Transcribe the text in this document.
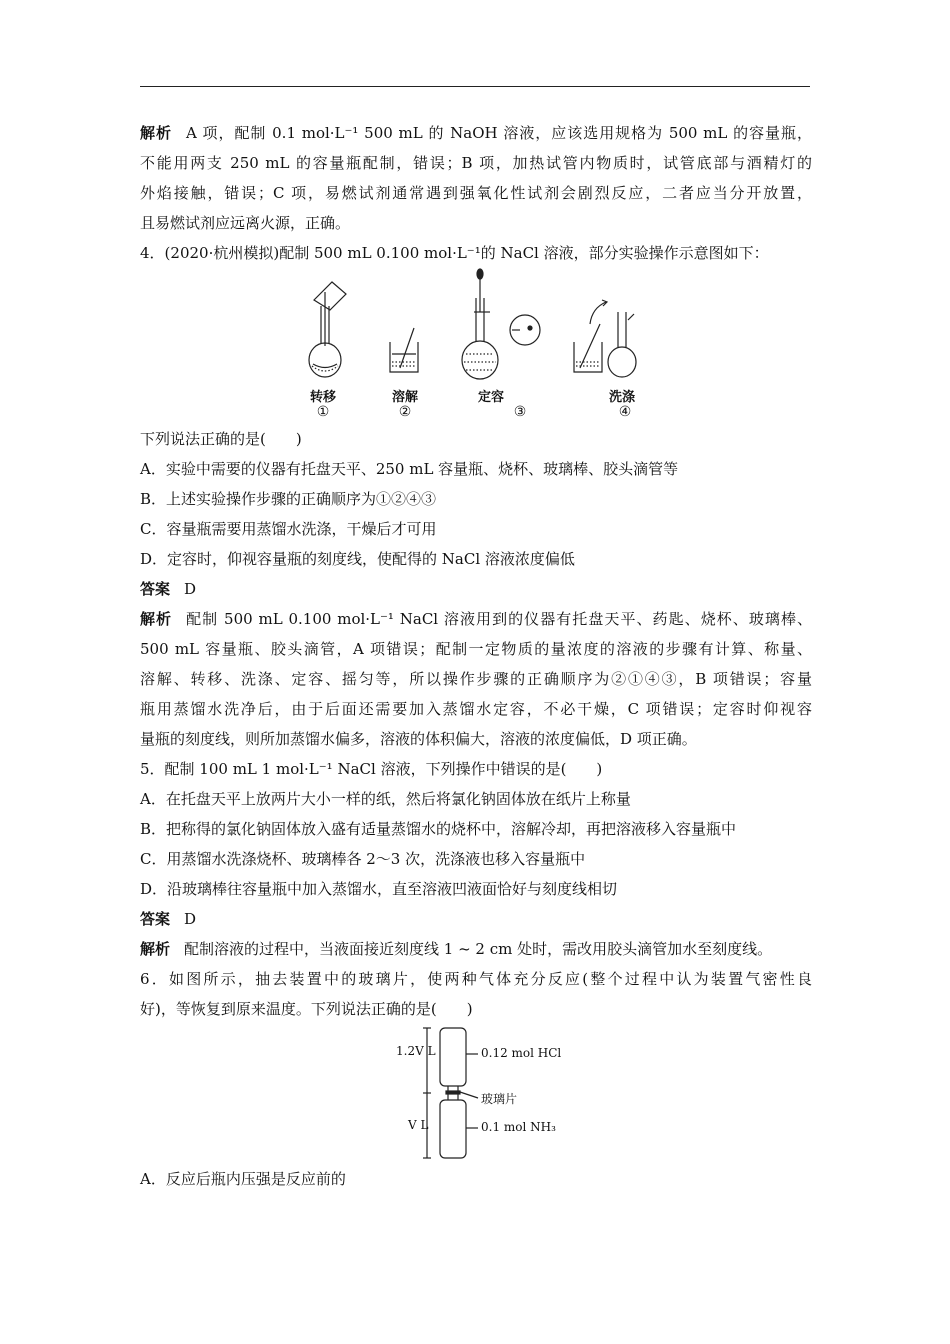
解析 A 项，配制 0.1 mol·L⁻¹ 500 mL 的 NaOH 溶液，应该选用规格为 500 mL 的容量瓶，
不能用两支 250 mL 的容量瓶配制，错误；B 项，加热试管内物质时，试管底部与酒精灯的
外焰接触，错误；C 项，易燃试剂通常遇到强氧化性试剂会剧烈反应，二者应当分开放置，
且易燃试剂应远离火源，正确。
4．(2020·杭州模拟)配制 500 mL 0.100 mol·L⁻¹的 NaCl 溶液，部分实验操作示意图如下：
转移
①
溶解
②
定容
③
洗涤
④
下列说法正确的是(　　)
A．实验中需要的仪器有托盘天平、250 mL 容量瓶、烧杯、玻璃棒、胶头滴管等
B．上述实验操作步骤的正确顺序为①②④③
C．容量瓶需要用蒸馏水洗涤，干燥后才可用
D．定容时，仰视容量瓶的刻度线，使配得的 NaCl 溶液浓度偏低
答案 D
解析 配制 500 mL 0.100 mol·L⁻¹ NaCl 溶液用到的仪器有托盘天平、药匙、烧杯、玻璃棒、
500 mL 容量瓶、胶头滴管，A 项错误；配制一定物质的量浓度的溶液的步骤有计算、称量、
溶解、转移、洗涤、定容、摇匀等，所以操作步骤的正确顺序为②①④③，B 项错误；容量
瓶用蒸馏水洗净后，由于后面还需要加入蒸馏水定容，不必干燥，C 项错误；定容时仰视容
量瓶的刻度线，则所加蒸馏水偏多，溶液的体积偏大，溶液的浓度偏低，D 项正确。
5．配制 100 mL 1 mol·L⁻¹ NaCl 溶液，下列操作中错误的是(　　)
A．在托盘天平上放两片大小一样的纸，然后将氯化钠固体放在纸片上称量
B．把称得的氯化钠固体放入盛有适量蒸馏水的烧杯中，溶解冷却，再把溶液移入容量瓶中
C．用蒸馏水洗涤烧杯、玻璃棒各 2～3 次，洗涤液也移入容量瓶中
D．沿玻璃棒往容量瓶中加入蒸馏水，直至溶液凹液面恰好与刻度线相切
答案 D
解析 配制溶液的过程中，当液面接近刻度线 1 ~ 2 cm 处时，需改用胶头滴管加水至刻度线。
6．如图所示，抽去装置中的玻璃片，使两种气体充分反应(整个过程中认为装置气密性良
好)，等恢复到原来温度。下列说法正确的是(　　)
1.2V L	0.12 mol HCl
玻璃片
V L	0.1 mol NH₃
A．反应后瓶内压强是反应前的
